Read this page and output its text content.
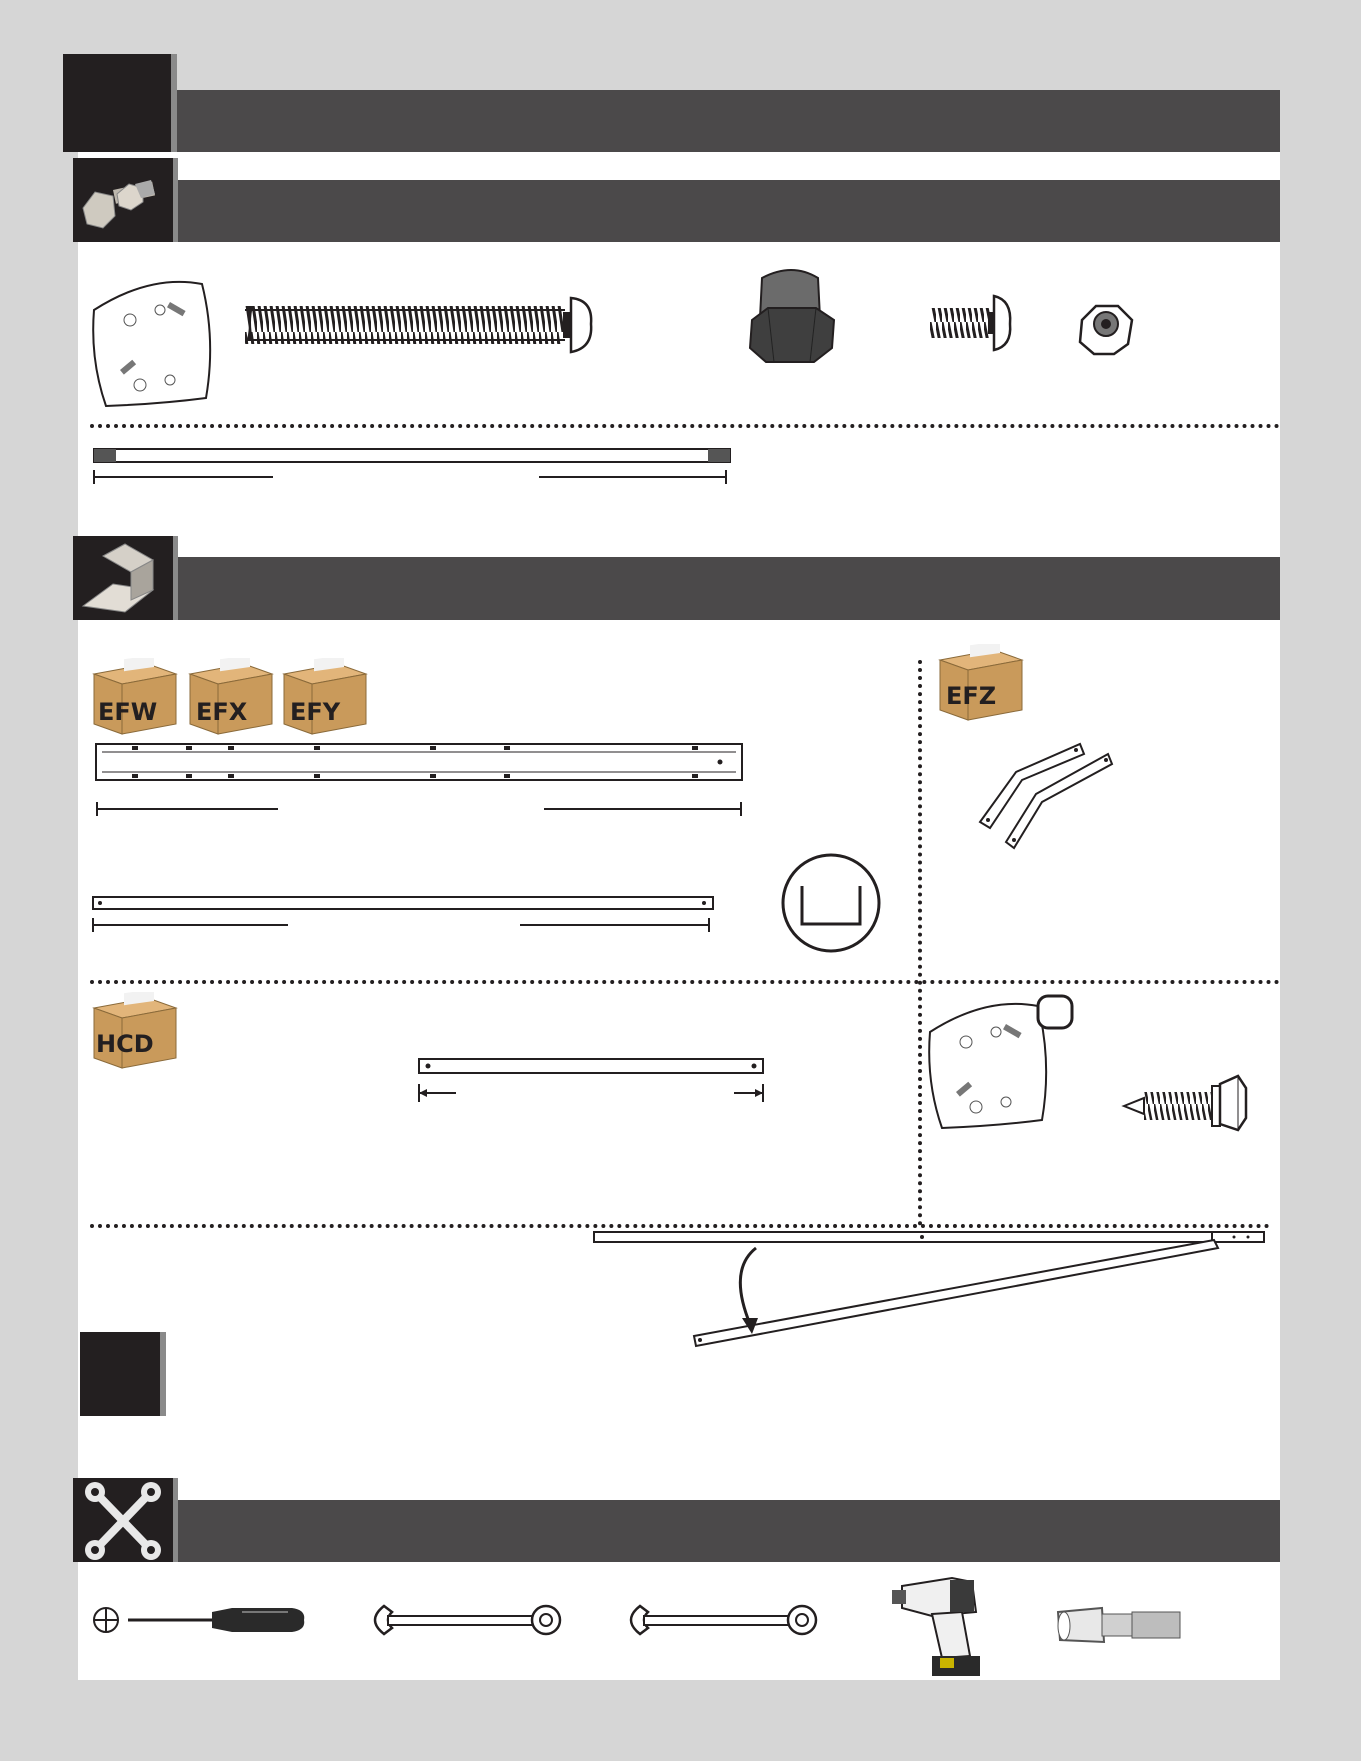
EFW EFX EFY
EFZ
HCD
